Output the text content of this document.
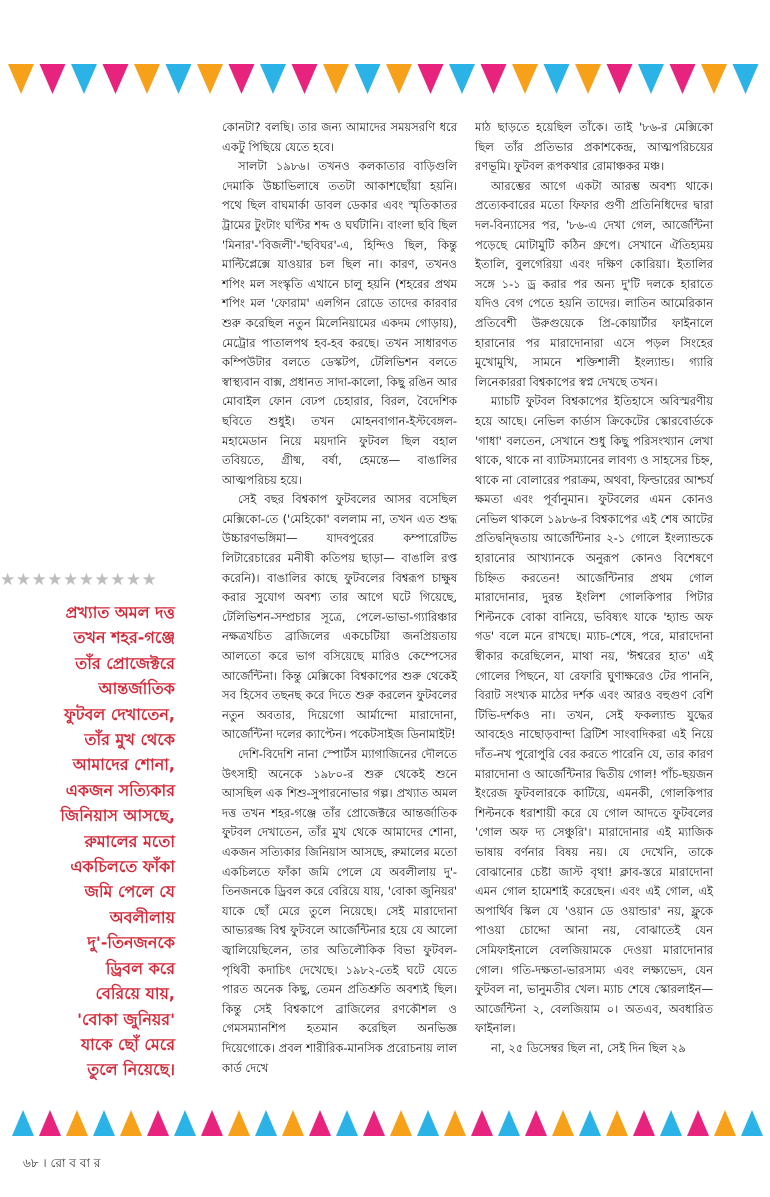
★★★★★★★★★★
প্রখ্যাত অমল দত্ত
তখন শহর-গঞ্জে
তাঁর প্রোজেক্টরে
আন্তর্জাতিক
ফুটবল দেখাতেন,
তাঁর মুখ থেকে
আমাদের শোনা,
একজন সত্যিকার
জিনিয়াস আসছে,
রুমালের মতো
একচিলতে ফাঁকা
জমি পেলে যে
অবলীলায়
দু'-তিনজনকে
ড্রিবল করে
বেরিয়ে যায়,
'বোকা জুনিয়র'
যাকে ছোঁ মেরে
তুলে নিয়েছে।

কোনটা? বলছি। তার জন্য আমাদের সময়সরণি ধরে একটু পিছিয়ে যেতে হবে।

সালটা ১৯৮৬। তখনও কলকাতার বাড়িগুলি দেমাকি উচ্চাভিলাষে ততটা আকাশছোঁয়া হয়নি। পথে ছিল বাঘমার্কা ডাবল ডেকার এবং স্মৃতিকাতর ট্রামের টুংটাং ঘণ্টির শব্দ ও ঘর্ঘটানি। বাংলা ছবি ছিল 'মিনার'-'বিজলী'-'ছবিঘর'-এ, হিন্দিও ছিল, কিন্তু মাল্টিপ্লেক্সে যাওয়ার চল ছিল না। কারণ, তখনও শপিং মল সংস্কৃতি এখানে চালু হয়নি (শহরের প্রথম শপিং মল 'ফোরাম' এলগিন রোডে তাদের কারবার শুরু করেছিল নতুন মিলেনিয়ামের একদম গোড়ায়), মেট্রোর পাতালপথ হব-হব করছে। তখন সাধারণত কম্পিউটার বলতে ডেস্কটপ, টেলিভিশন বলতে স্বাস্থ্যবান বাক্স, প্রধানত সাদা-কালো, কিছু রঙিন আর মোবাইল ফোন বেঢপ চেহারার, বিরল, বৈদেশিক ছবিতে শুধুই। তখন মোহনবাগান-ইস্টবেঙ্গল-মহামেডান নিয়ে ময়দানি ফুটবল ছিল বহাল তবিয়তে, গ্রীষ্ম, বর্ষা, হেমন্তে— বাঙালির আত্মপরিচয় হয়ে।

সেই বছর বিশ্বকাপ ফুটবলের আসর বসেছিল মেক্সিকো-তে ('মেহিকো' বললাম না, তখন এত শুদ্ধ উচ্চারণভঙ্গিমা— যাদবপুরের কম্পারেটিভ লিটারেচারের মনীষী কতিপয় ছাড়া— বাঙালি রপ্ত করেনি)। বাঙালির কাছে ফুটবলের বিশ্বরূপ চাক্ষুষ করার সুযোগ অবশ্য তার আগে ঘটে গিয়েছে, টেলিভিশন-সম্প্রচার সূত্রে, পেলে-ভাভা-গ্যারিঞ্চার নক্ষত্রখচিত ব্রাজিলের একচেটিয়া জনপ্রিয়তায় আলতো করে ভাগ বসিয়েছে মারিও কেম্পেসের আর্জেন্টিনা। কিন্তু মেক্সিকো বিশ্বকাপের শুরু থেকেই সব হিসেব তছনছ করে দিতে শুরু করলেন ফুটবলের নতুন অবতার, দিয়েগো আর্মান্দো মারাদোনা, আর্জেন্টিনা দলের ক্যাপ্টেন। পকেটসাইজ ডিনামাইট!

দেশি-বিদেশি নানা স্পোর্টস ম্যাগাজিনের দৌলতে উৎসাহী অনেকে ১৯৮০-র শুরু থেকেই শুনে আসছিল এক শিশু-সুপারনোভার গল্প। প্রখ্যাত অমল দত্ত তখন শহর-গঞ্জে তাঁর প্রোজেক্টরে আন্তর্জাতিক ফুটবল দেখাতেন, তাঁর মুখ থেকে আমাদের শোনা, একজন সত্যিকার জিনিয়াস আসছে, রুমালের মতো একচিলতে ফাঁকা জমি পেলে যে অবলীলায় দু'-তিনজনকে ড্রিবল করে বেরিয়ে যায়, 'বোকা জুনিয়র' যাকে ছোঁ মেরে তুলে নিয়েছে। সেই মারাদোনা আভ্যরজ্জ বিশ্ব ফুটবলে আর্জেন্টিনার হয়ে যে আলো জ্বালিয়েছিলেন, তার অতিলৌকিক বিভা ফুটবল-পৃথিবী কদাচিৎ দেখেছে। ১৯৮২-তেই ঘটে যেতে পারত অনেক কিছু, তেমন প্রতিশ্রুতি অবশ্যই ছিল। কিন্তু সেই বিশ্বকাপে ব্রাজিলের রণকৌশল ও গেমসম্যানশিপ হতমান করেছিল অনভিজ্ঞ দিয়েগোকে। প্রবল শারীরিক-মানসিক প্ররোচনায় লাল কার্ড দেখে

মাঠ ছাড়তে হয়েছিল তাঁকে। তাই '৮৬-র মেক্সিকো ছিল তাঁর প্রতিভার প্রকাশকেন্দ্র, আত্মপরিচয়ের রণভূমি। ফুটবল রূপকথার রোমাঞ্চকর মঞ্চ।

আরম্ভের আগে একটা আরম্ভ অবশ্য থাকে। প্রত্যেকবারের মতো ফিফার গুণী প্রতিনিধিদের দ্বারা দল-বিন্যাসের পর, '৮৬-এ দেখা গেল, আর্জেন্টিনা পড়েছে মোটামুটি কঠিন গ্রুপে। সেখানে ঐতিহ্যময় ইতালি, বুলগেরিয়া এবং দক্ষিণ কোরিয়া। ইতালির সঙ্গে ১-১ ড্র করার পর অন্য দু'টি দলকে হারাতে যদিও বেগ পেতে হয়নি তাদের। লাতিন আমেরিকান প্রতিবেশী উরুগুয়েকে প্রি-কোয়ার্টার ফাইনালে হারানোর পর মারাদোনারা এসে পড়ল সিংহের মুখোমুখি, সামনে শক্তিশালী ইংল্যান্ড। গ্যারি লিনেকাররা বিশ্বকাপের স্বপ্ন দেখছে তখন।

ম্যাচটি ফুটবল বিশ্বকাপের ইতিহাসে অবিস্মরণীয় হয়ে আছে। নেভিল কার্ডাস ক্রিকেটের স্কোরবোর্ডকে 'গাধা' বলতেন, সেখানে শুধু কিছু পরিসংখ্যান লেখা থাকে, থাকে না ব্যাটসম্যানের লাবণ্য ও সাহসের চিহ্ন, থাকে না বোলারের পরাক্রম, অথবা, ফিল্ডারের আশ্চর্য ক্ষমতা এবং পূর্বানুমান। ফুটবলের এমন কোনও নেভিল থাকলে ১৯৮৬-র বিশ্বকাপের এই শেষ আটের প্রতিদ্বন্দ্বিতায় আর্জেন্টিনার ২-১ গোলে ইংল্যান্ডকে হারানোর আখ্যানকে অনুরূপ কোনও বিশেষণে চিহ্নিত করতেন! আর্জেন্টিনার প্রথম গোল মারাদোনার, দুরন্ত ইংলিশ গোলকিপার পিটার শিল্টনকে বোকা বানিয়ে, ভবিষ্যৎ যাকে 'হ্যান্ড অফ গড' বলে মনে রাখছে। ম্যাচ-শেষে, পরে, মারাদোনা স্বীকার করেছিলেন, মাথা নয়, 'ঈশ্বরের হাত' এই গোলের পিছনে, যা রেফারি ঘুণাক্ষরেও টের পাননি, বিরাট সংখ্যক মাঠের দর্শক এবং আরও বহুগুণ বেশি টিভি-দর্শকও না। তখন, সেই ফকল্যান্ড যুদ্ধের আবহেও নাছোড়বান্দা ব্রিটিশ সাংবাদিকরা এই নিয়ে দাঁত-নখ পুরোপুরি বের করতে পারেনি যে, তার কারণ মারাদোনা ও আর্জেন্টিনার দ্বিতীয় গোল! পাঁচ-ছয়জন ইংরেজ ফুটবলারকে কাটিয়ে, এমনকী, গোলকিপার শিল্টনকে ধরাশায়ী করে যে গোল আদতে ফুটবলের 'গোল অফ দ্য সেঞ্চুরি'। মারাদোনার এই ম্যাজিক ভাষায় বর্ণনার বিষয় নয়। যে দেখেনি, তাকে বোঝানোর চেষ্টা জাস্ট বৃথা! ক্লাব-স্তরে মারাদোনা এমন গোল হামেশাই করেছেন। এবং এই গোল, এই অপার্থিব স্কিল যে 'ওয়ান ডে ওয়ান্ডার' নয়, ফ্লুকে পাওয়া চোদ্দো আনা নয়, বোঝাতেই যেন সেমিফাইনালে বেলজিয়ামকে দেওয়া মারাদোনার গোল। গতি-দক্ষতা-ভারসাম্য এবং লক্ষ্যভেদ, যেন ফুটবল না, ভানুমতীর খেল। ম্যাচ শেষে স্কোরলাইন— আর্জেন্টিনা ২, বেলজিয়াম ০। অতএব, অবধারিত ফাইনাল।

না, ২৫ ডিসেম্বর ছিল না, সেই দিন ছিল ২৯

৬৮ । রো ব বা র
